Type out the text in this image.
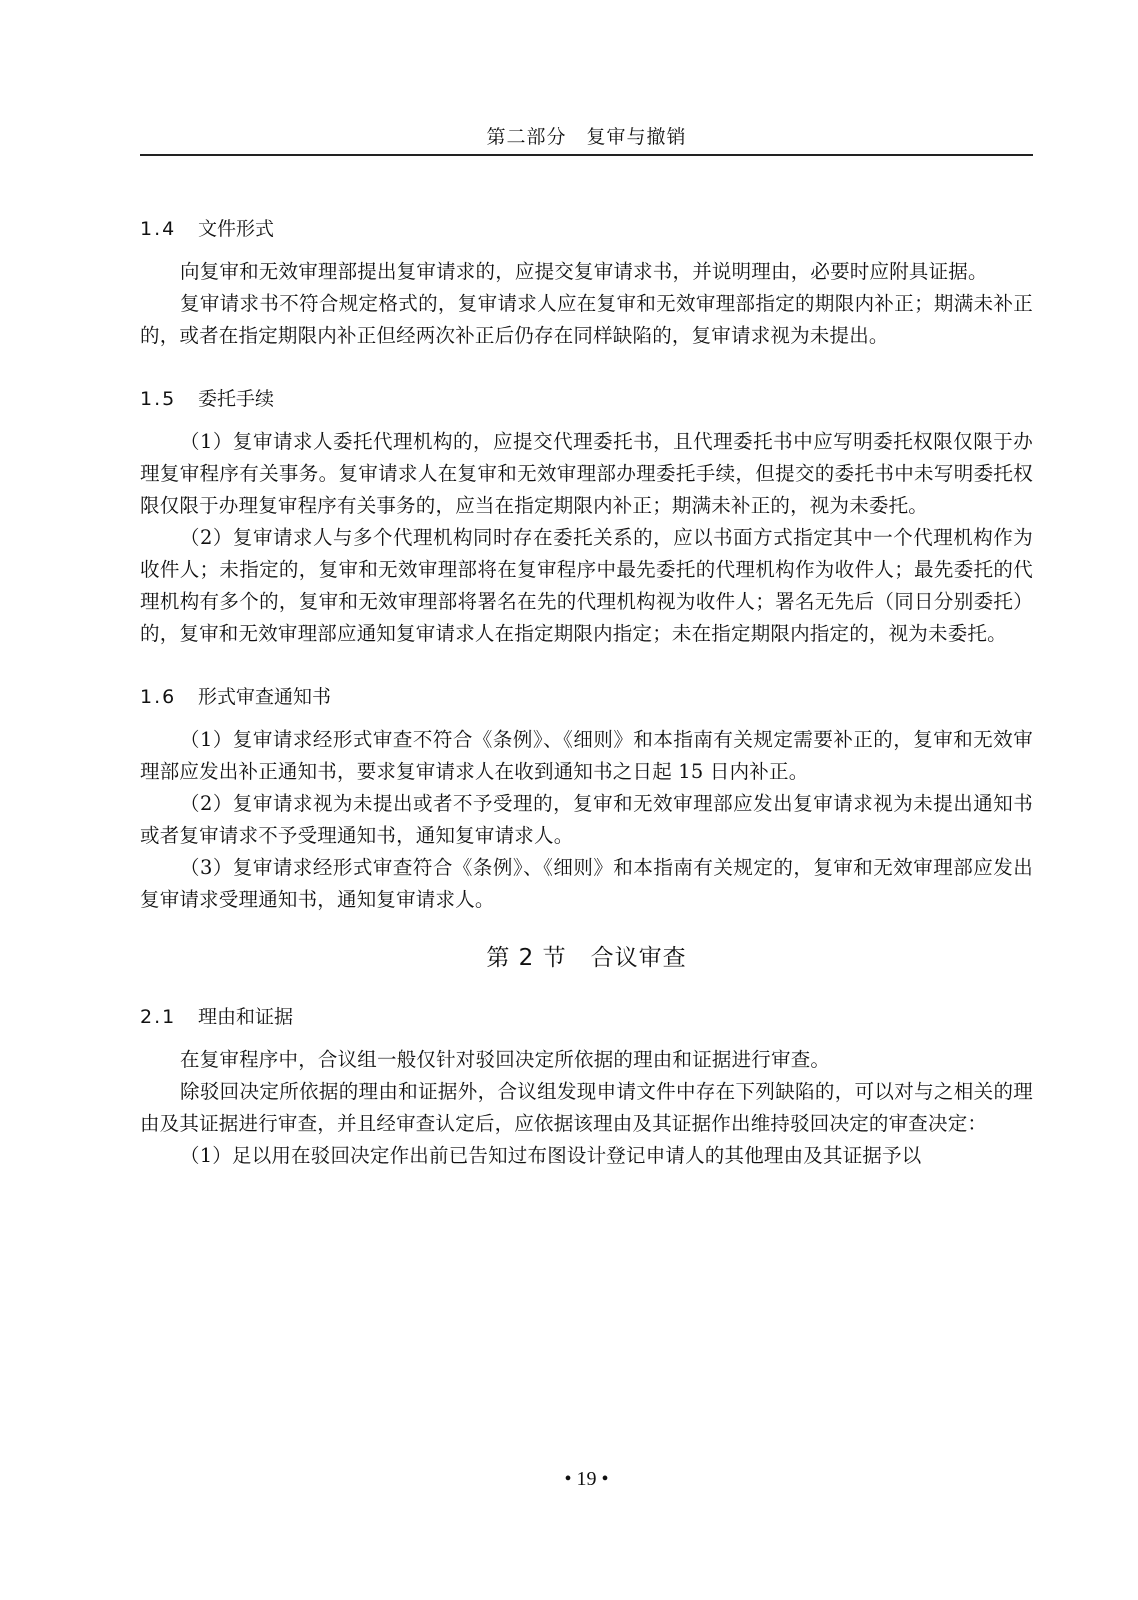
第二部分　复审与撤销
1.4 文件形式

向复审和无效审理部提出复审请求的，应提交复审请求书，并说明理由，必要时应附具证据。

复审请求书不符合规定格式的，复审请求人应在复审和无效审理部指定的期限内补正；期满未补正的，或者在指定期限内补正但经两次补正后仍存在同样缺陷的，复审请求视为未提出。

1.5 委托手续

（1）复审请求人委托代理机构的，应提交代理委托书，且代理委托书中应写明委托权限仅限于办理复审程序有关事务。复审请求人在复审和无效审理部办理委托手续，但提交的委托书中未写明委托权限仅限于办理复审程序有关事务的，应当在指定期限内补正；期满未补正的，视为未委托。

（2）复审请求人与多个代理机构同时存在委托关系的，应以书面方式指定其中一个代理机构作为收件人；未指定的，复审和无效审理部将在复审程序中最先委托的代理机构作为收件人；最先委托的代理机构有多个的，复审和无效审理部将署名在先的代理机构视为收件人；署名无先后（同日分别委托）的，复审和无效审理部应通知复审请求人在指定期限内指定；未在指定期限内指定的，视为未委托。

1.6 形式审查通知书

（1）复审请求经形式审查不符合《条例》、《细则》和本指南有关规定需要补正的，复审和无效审理部应发出补正通知书，要求复审请求人在收到通知书之日起 15 日内补正。

（2）复审请求视为未提出或者不予受理的，复审和无效审理部应发出复审请求视为未提出通知书或者复审请求不予受理通知书，通知复审请求人。

（3）复审请求经形式审查符合《条例》、《细则》和本指南有关规定的，复审和无效审理部应发出复审请求受理通知书，通知复审请求人。

第 2 节 合议审查
2.1 理由和证据

在复审程序中，合议组一般仅针对驳回决定所依据的理由和证据进行审查。

除驳回决定所依据的理由和证据外，合议组发现申请文件中存在下列缺陷的，可以对与之相关的理由及其证据进行审查，并且经审查认定后，应依据该理由及其证据作出维持驳回决定的审查决定：

（1）足以用在驳回决定作出前已告知过布图设计登记申请人的其他理由及其证据予以

• 19 •
